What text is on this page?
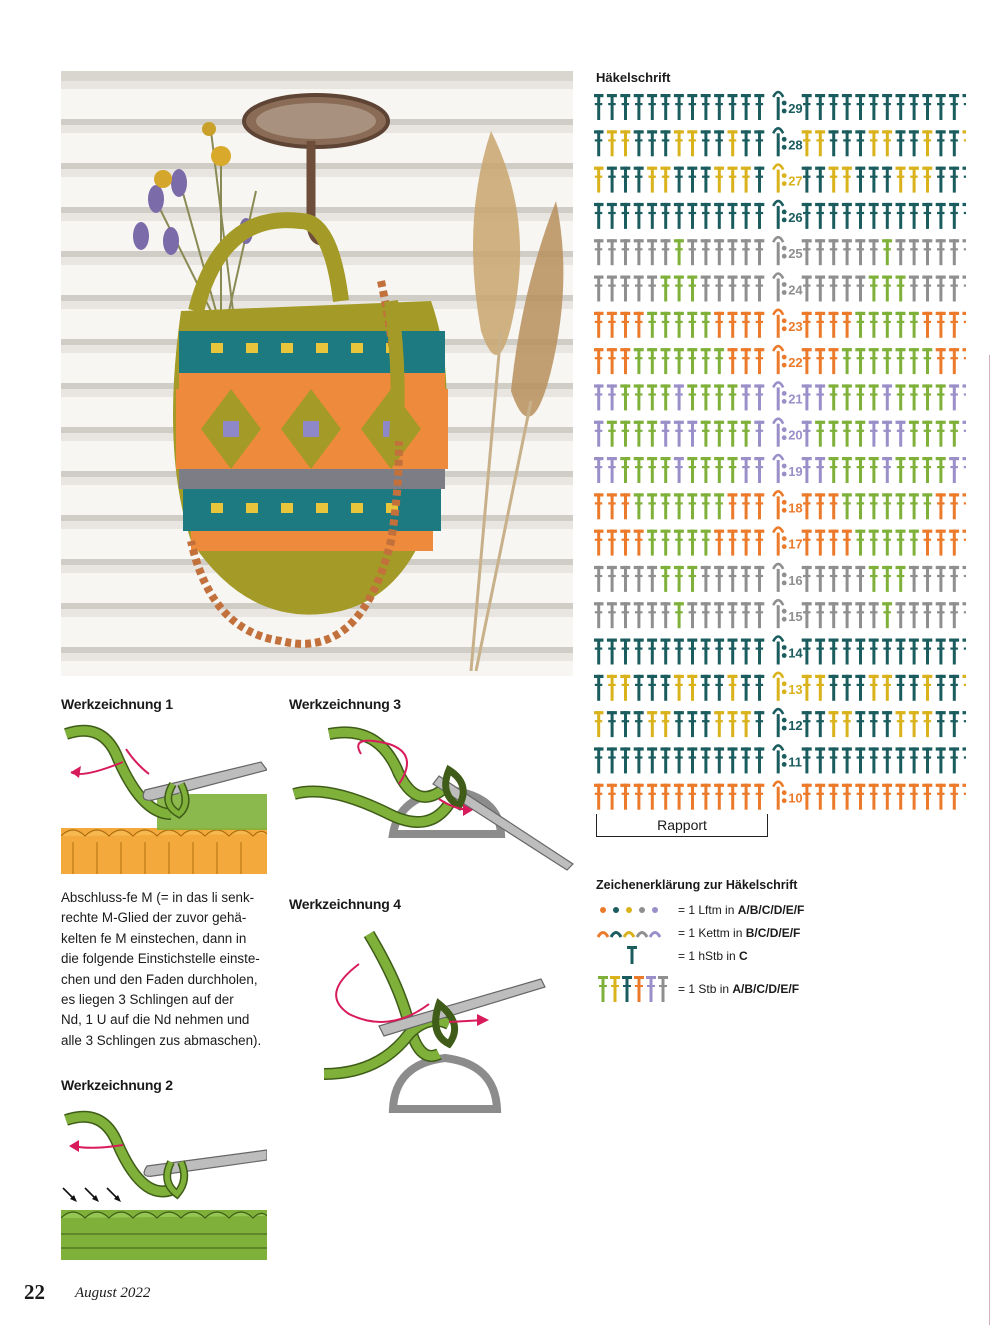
Werkzeichnung 1	Werkzeichnung 3
Werkzeichnung 4
Werkzeichnung 2
Abschluss-fe M (= in das li senk-
rechte M-Glied der zuvor gehä-
kelten fe M einstechen, dann in
die folgende Einstichstelle einste-
chen und den Faden durchholen,
es liegen 3 Schlingen auf der
Nd, 1 U auf die Nd nehmen und
alle 3 Schlingen zus abmaschen).
Häkelschrift
29
28
27
26
25
24
23
22
21
20
19
18
17
16
15
14
13
12
11
10
Rapport
Zeichenerklärung zur Häkelschrift
= 1 Lftm in A/B/C/D/E/F
= 1 Kettm in B/C/D/E/F
= 1 hStb in C
= 1 Stb in A/B/C/D/E/F
22 August 2022
